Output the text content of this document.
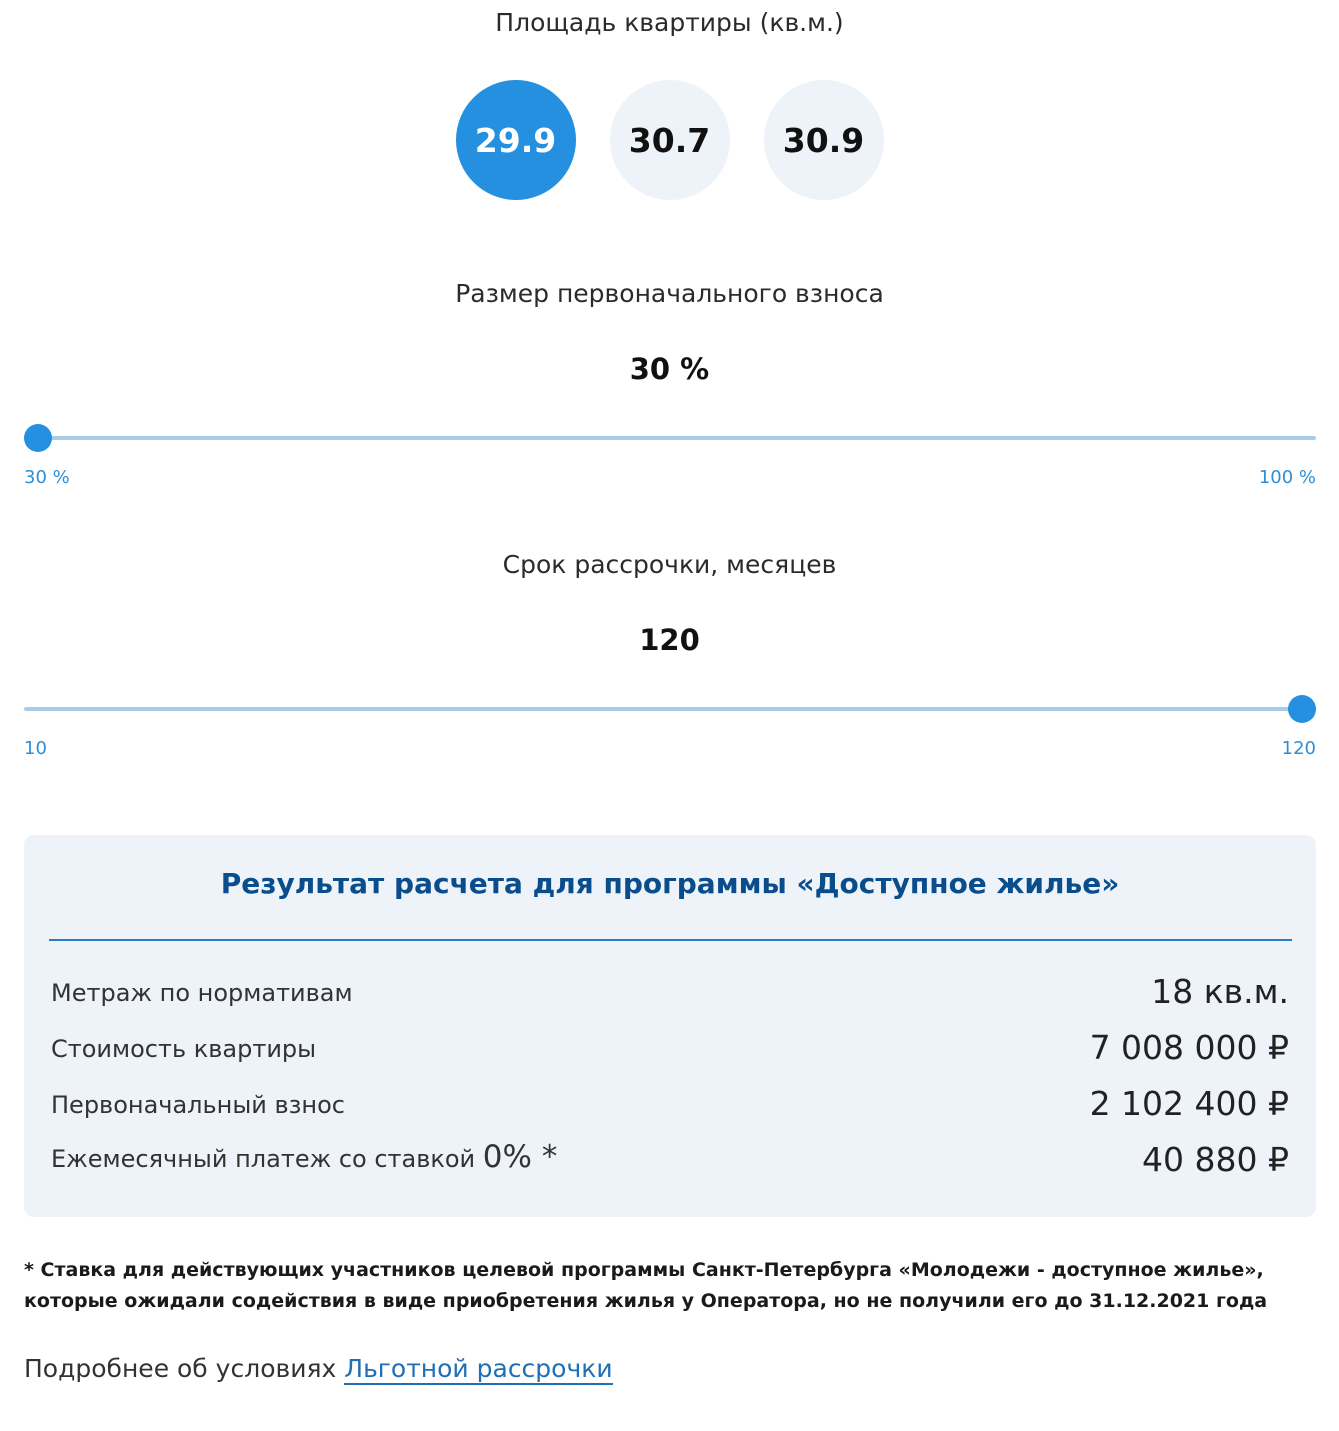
Площадь квартиры (кв.м.)
29.9	30.7	30.9
Размер первоначального взноса
30 %
30 %	100 %
Срок рассрочки, месяцев
120
10	120
Результат расчета для программы «Доступное жилье»
Метраж по нормативам	18 кв.м.
Стоимость квартиры	7 008 000 ₽
Первоначальный взнос	2 102 400 ₽
Ежемесячный платеж со ставкой 0% *	40 880 ₽
* Ставка для действующих участников целевой программы Санкт-Петербурга «Молодежи - доступное жилье»,
которые ожидали содействия в виде приобретения жилья у Оператора, но не получили его до 31.12.2021 года
Подробнее об условиях Льготной рассрочки
